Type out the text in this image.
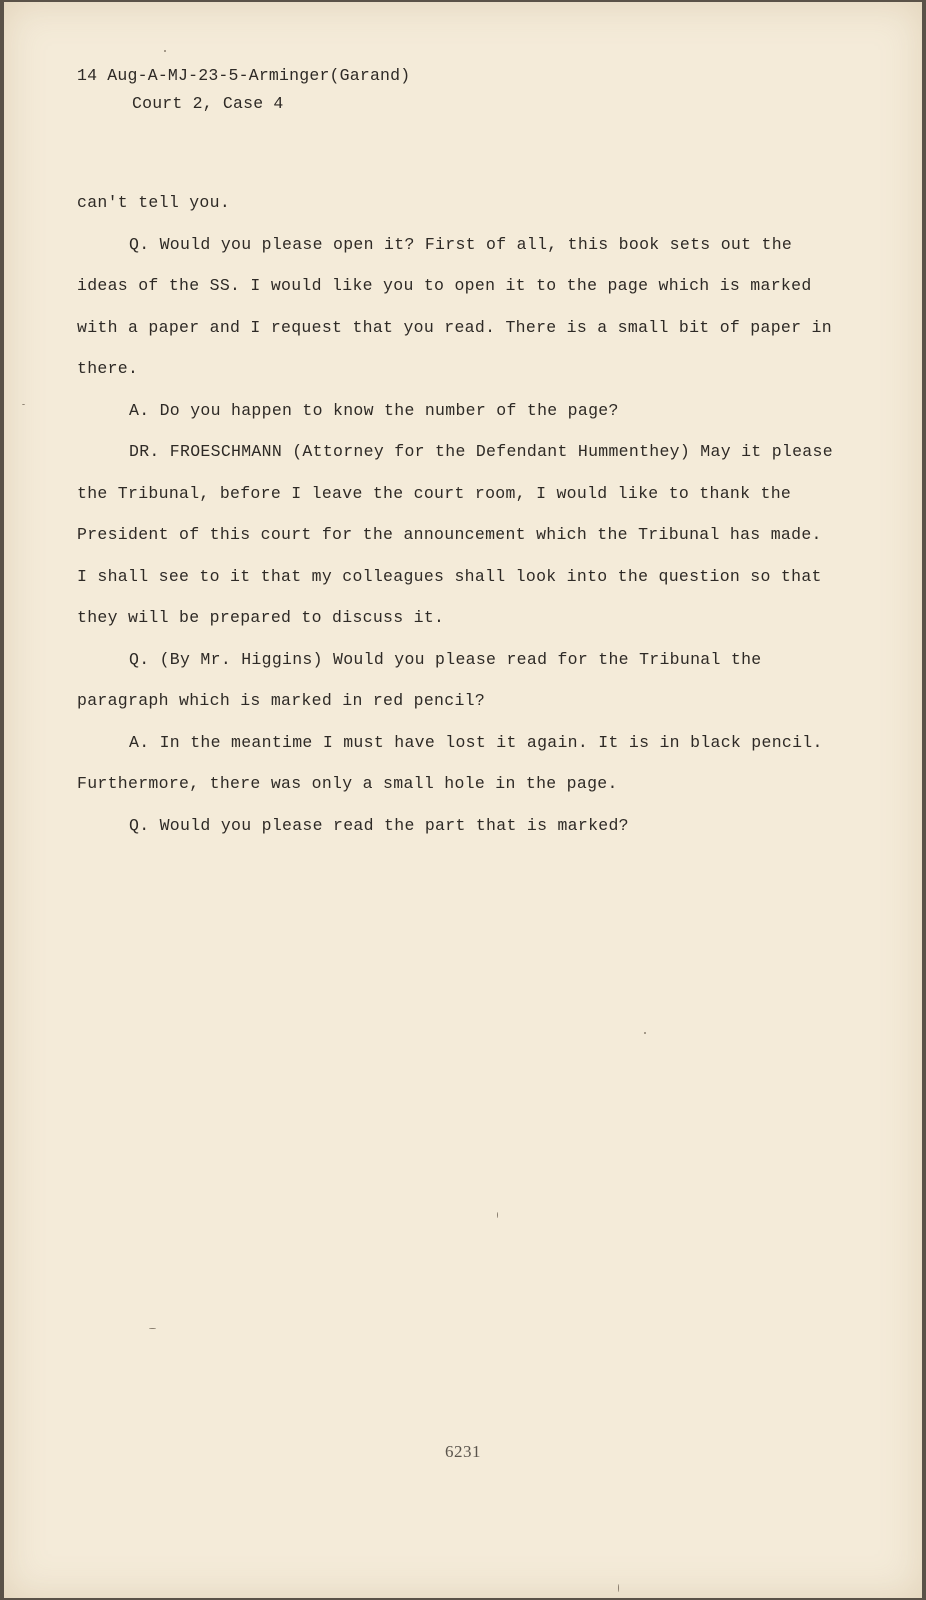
14 Aug-A-MJ-23-5-Arminger(Garand)
Court 2, Case 4

can't tell you.

Q. Would you please open it? First of all, this book sets out the ideas of the SS. I would like you to open it to the page which is marked with a paper and I request that you read. There is a small bit of paper in there.

A. Do you happen to know the number of the page?

DR. FROESCHMANN (Attorney for the Defendant Hummenthey) May it please the Tribunal, before I leave the court room, I would like to thank the President of this court for the announcement which the Tribunal has made. I shall see to it that my colleagues shall look into the question so that they will be prepared to discuss it.

Q. (By Mr. Higgins) Would you please read for the Tribunal the paragraph which is marked in red pencil?

A. In the meantime I must have lost it again. It is in black pencil. Furthermore, there was only a small hole in the page.

Q. Would you please read the part that is marked?

6231
